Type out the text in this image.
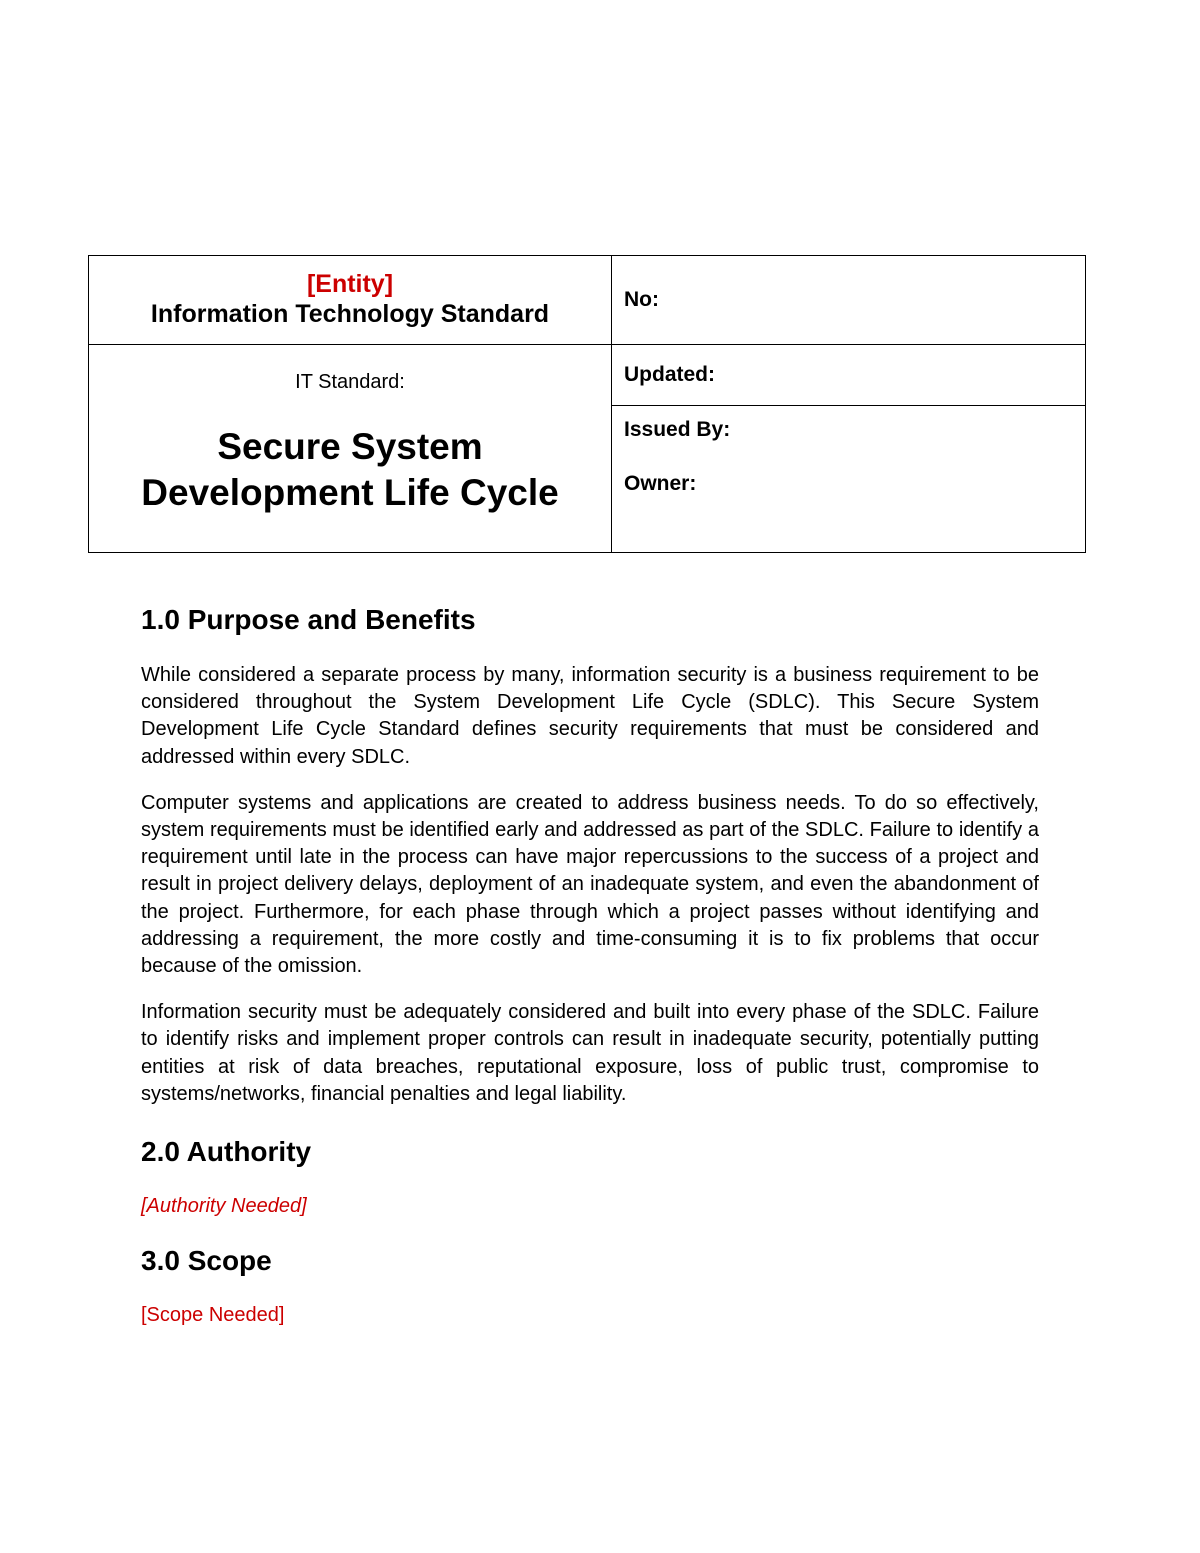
[Entity]
Information Technology Standard	No:

IT Standard:
Secure System
Development Life Cycle	Updated:

	Issued By:
Owner:
1.0 Purpose and Benefits

While considered a separate process by many, information security is a business requirement to be considered throughout the System Development Life Cycle (SDLC). This Secure System Development Life Cycle Standard defines security requirements that must be considered and addressed within every SDLC.

Computer systems and applications are created to address business needs. To do so effectively, system requirements must be identified early and addressed as part of the SDLC. Failure to identify a requirement until late in the process can have major repercussions to the success of a project and result in project delivery delays, deployment of an inadequate system, and even the abandonment of the project. Furthermore, for each phase through which a project passes without identifying and addressing a requirement, the more costly and time-consuming it is to fix problems that occur because of the omission.

Information security must be adequately considered and built into every phase of the SDLC. Failure to identify risks and implement proper controls can result in inadequate security, potentially putting entities at risk of data breaches, reputational exposure, loss of public trust, compromise to systems/networks, financial penalties and legal liability.

2.0 Authority
[Authority Needed]
3.0 Scope
[Scope Needed]
